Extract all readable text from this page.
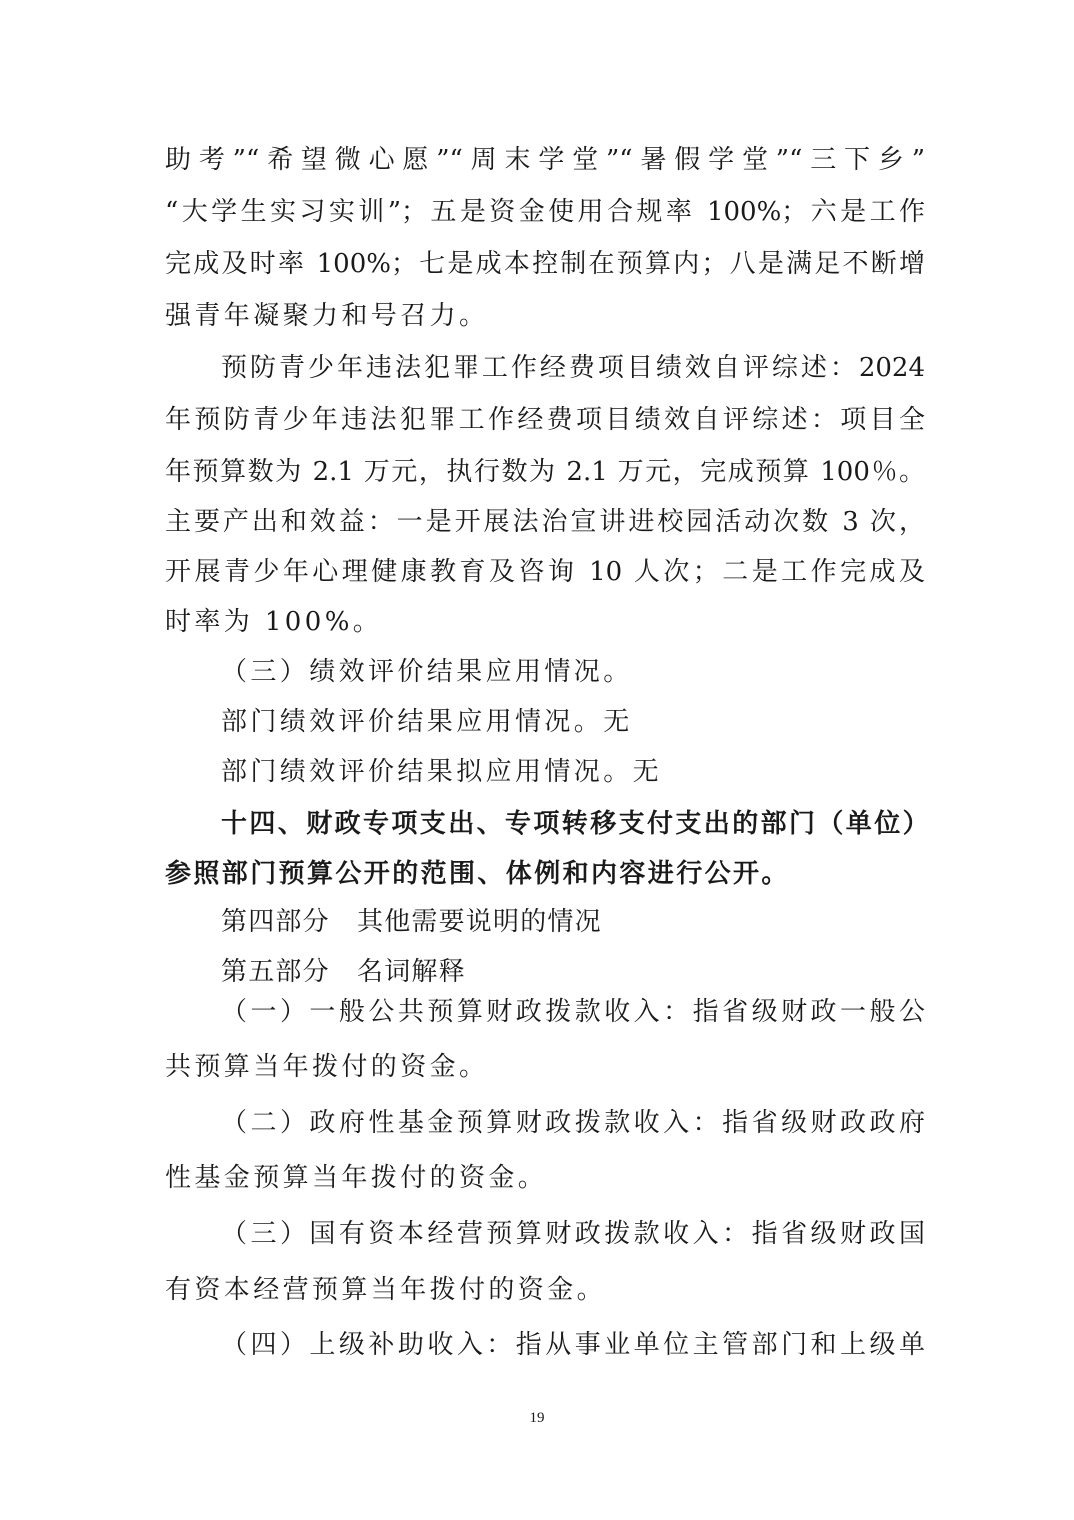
助考”“希望微心愿”“周末学堂”“暑假学堂”“三下乡”
“大学生实习实训”；五是资金使用合规率 100%；六是工作
完成及时率 100%；七是成本控制在预算内；八是满足不断增
强青年凝聚力和号召力。
预防青少年违法犯罪工作经费项目绩效自评综述：2024
年预防青少年违法犯罪工作经费项目绩效自评综述：项目全
年预算数为 2.1 万元，执行数为 2.1 万元，完成预算 100％。
主要产出和效益：一是开展法治宣讲进校园活动次数 3 次，
开展青少年心理健康教育及咨询 10 人次；二是工作完成及
时率为 100%。
（三）绩效评价结果应用情况。
部门绩效评价结果应用情况。无
部门绩效评价结果拟应用情况。无
十四、财政专项支出、专项转移支付支出的部门（单位）
参照部门预算公开的范围、体例和内容进行公开。
第四部分　其他需要说明的情况
第五部分　名词解释
（一）一般公共预算财政拨款收入：指省级财政一般公
共预算当年拨付的资金。
（二）政府性基金预算财政拨款收入：指省级财政政府
性基金预算当年拨付的资金。
（三）国有资本经营预算财政拨款收入：指省级财政国
有资本经营预算当年拨付的资金。
（四）上级补助收入：指从事业单位主管部门和上级单
19
